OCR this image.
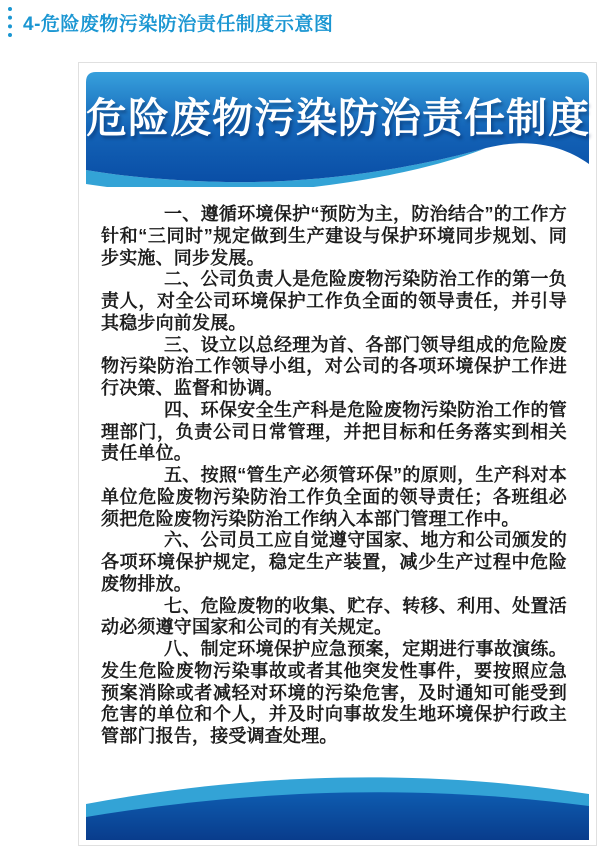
4-危险废物污染防治责任制度示意图
危险废物污染防治责任制度

一、遵循环境保护“预防为主，防治结合”的工作方针和“三同时”规定做到生产建设与保护环境同步规划、同步实施、同步发展。

二、公司负责人是危险废物污染防治工作的第一负责人，对全公司环境保护工作负全面的领导责任，并引导其稳步向前发展。

三、设立以总经理为首、各部门领导组成的危险废物污染防治工作领导小组，对公司的各项环境保护工作进行决策、监督和协调。

四、环保安全生产科是危险废物污染防治工作的管理部门，负责公司日常管理，并把目标和任务落实到相关责任单位。

五、按照“管生产必须管环保”的原则，生产科对本单位危险废物污染防治工作负全面的领导责任；各班组必须把危险废物污染防治工作纳入本部门管理工作中。

六、公司员工应自觉遵守国家、地方和公司颁发的各项环境保护规定，稳定生产装置，减少生产过程中危险废物排放。

七、危险废物的收集、贮存、转移、利用、处置活动必须遵守国家和公司的有关规定。

八、制定环境保护应急预案，定期进行事故演练。发生危险废物污染事故或者其他突发性事件，要按照应急预案消除或者减轻对环境的污染危害，及时通知可能受到危害的单位和个人，并及时向事故发生地环境保护行政主管部门报告，接受调查处理。
